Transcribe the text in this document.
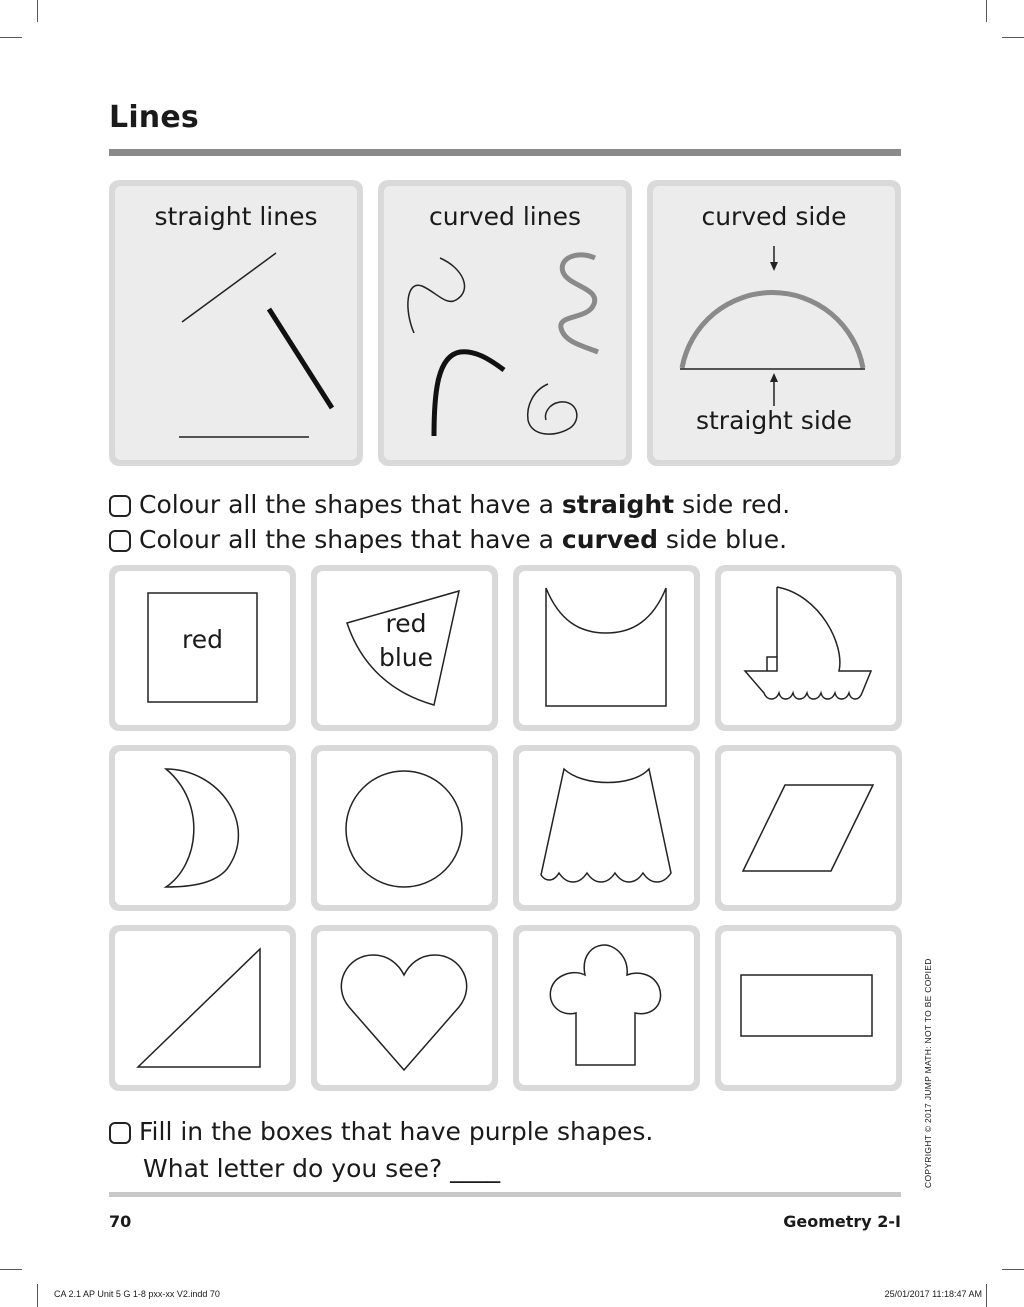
Lines
straight lines	curved lines	curved side
straight side
Colour all the shapes that have a straight side red.
Colour all the shapes that have a curved side blue.
red
red
blue
Fill in the boxes that have purple shapes.
What letter do you see? ____
70	Geometry 2-I
COPYRIGHT © 2017 JUMP MATH: NOT TO BE COPIED
CA 2.1 AP Unit 5 G 1-8 pxx-xx V2.indd 70	25/01/2017 11:18:47 AM
